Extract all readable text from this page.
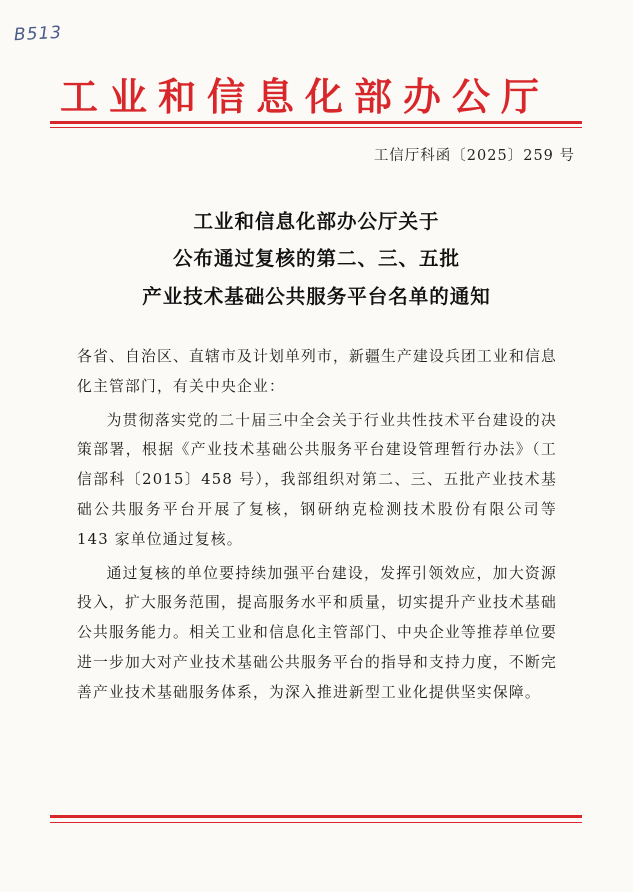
B513
工业和信息化部办公厅
工信厅科函〔2025〕259 号
工业和信息化部办公厅关于
公布通过复核的第二、三、五批
产业技术基础公共服务平台名单的通知

各省、自治区、直辖市及计划单列市，新疆生产建设兵团工业和信息化主管部门，有关中央企业：

为贯彻落实党的二十届三中全会关于行业共性技术平台建设的决策部署，根据《产业技术基础公共服务平台建设管理暂行办法》（工信部科〔2015〕458 号），我部组织对第二、三、五批产业技术基础公共服务平台开展了复核，钢研纳克检测技术股份有限公司等 143 家单位通过复核。

通过复核的单位要持续加强平台建设，发挥引领效应，加大资源投入，扩大服务范围，提高服务水平和质量，切实提升产业技术基础公共服务能力。相关工业和信息化主管部门、中央企业等推荐单位要进一步加大对产业技术基础公共服务平台的指导和支持力度，不断完善产业技术基础服务体系，为深入推进新型工业化提供坚实保障。
